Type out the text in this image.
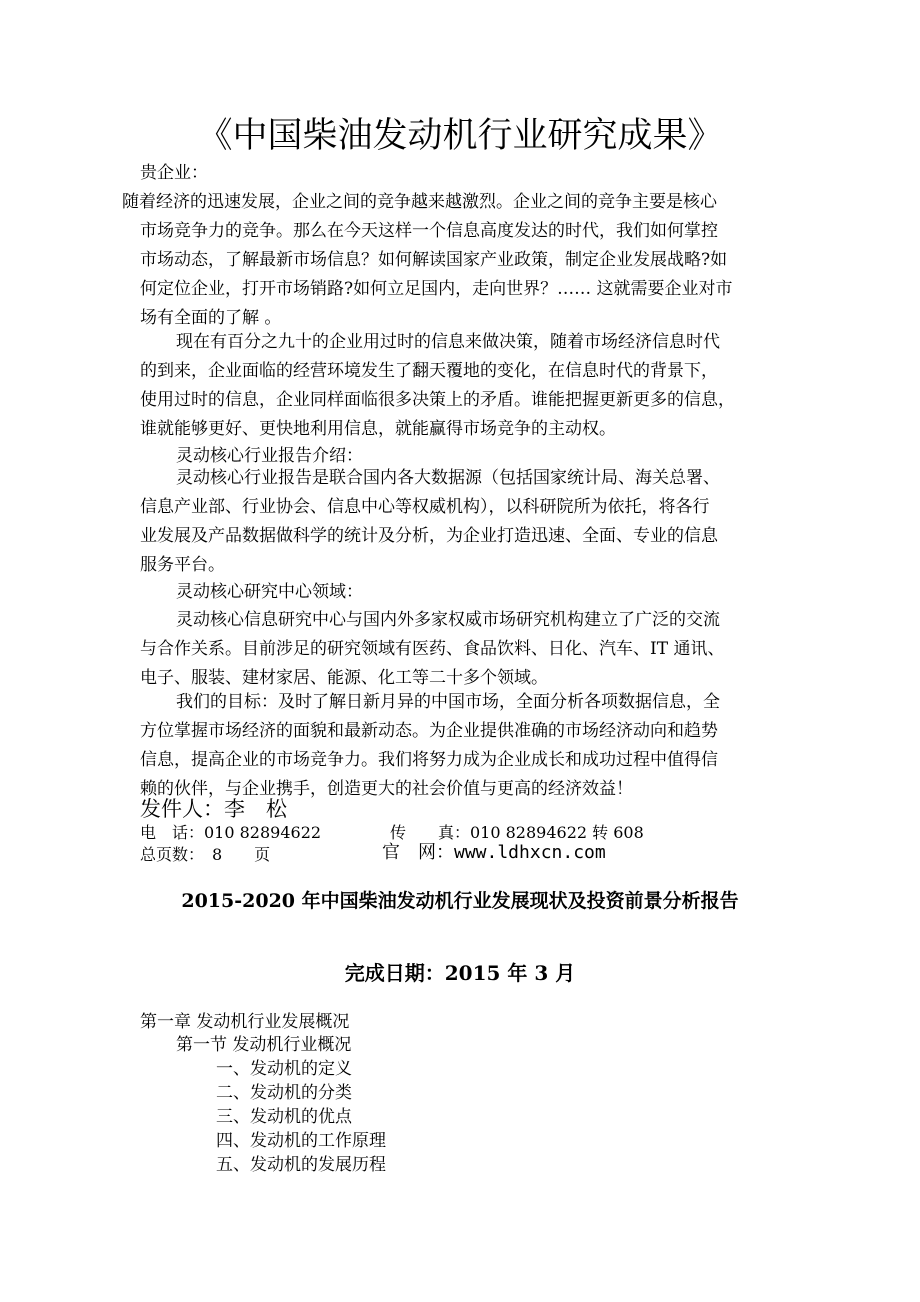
《中国柴油发动机行业研究成果》
贵企业：
随着经济的迅速发展，企业之间的竞争越来越激烈。企业之间的竞争主要是核心
市场竞争力的竞争。那么在今天这样一个信息高度发达的时代，我们如何掌控
市场动态，了解最新市场信息？如何解读国家产业政策，制定企业发展战略?如
何定位企业，打开市场销路?如何立足国内，走向世界？…… 这就需要企业对市
场有全面的了解 。
现在有百分之九十的企业用过时的信息来做决策，随着市场经济信息时代
的到来，企业面临的经营环境发生了翻天覆地的变化，在信息时代的背景下，
使用过时的信息，企业同样面临很多决策上的矛盾。谁能把握更新更多的信息，
谁就能够更好、更快地利用信息，就能赢得市场竞争的主动权。
灵动核心行业报告介绍：
灵动核心行业报告是联合国内各大数据源（包括国家统计局、海关总署、
信息产业部、行业协会、信息中心等权威机构），以科研院所为依托，将各行
业发展及产品数据做科学的统计及分析，为企业打造迅速、全面、专业的信息
服务平台。
灵动核心研究中心领域：
灵动核心信息研究中心与国内外多家权威市场研究机构建立了广泛的交流
与合作关系。目前涉足的研究领域有医药、食品饮料、日化、汽车、IT 通讯、
电子、服装、建材家居、能源、化工等二十多个领域。
我们的目标：及时了解日新月异的中国市场，全面分析各项数据信息，全
方位掌握市场经济的面貌和最新动态。为企业提供准确的市场经济动向和趋势
信息，提高企业的市场竞争力。我们将努力成为企业成长和成功过程中值得信
赖的伙伴，与企业携手，创造更大的社会价值与更高的经济效益！
发件人：李　松
电　话：010 82894622	传　　真：010 82894622 转 608
总页数：　8　　页	官　网：www.ldhxcn.com
2015-2020 年中国柴油发动机行业发展现状及投资前景分析报告
完成日期：2015 年 3 月
第一章 发动机行业发展概况
第一节 发动机行业概况
一、发动机的定义
二、发动机的分类
三、发动机的优点
四、发动机的工作原理
五、发动机的发展历程
